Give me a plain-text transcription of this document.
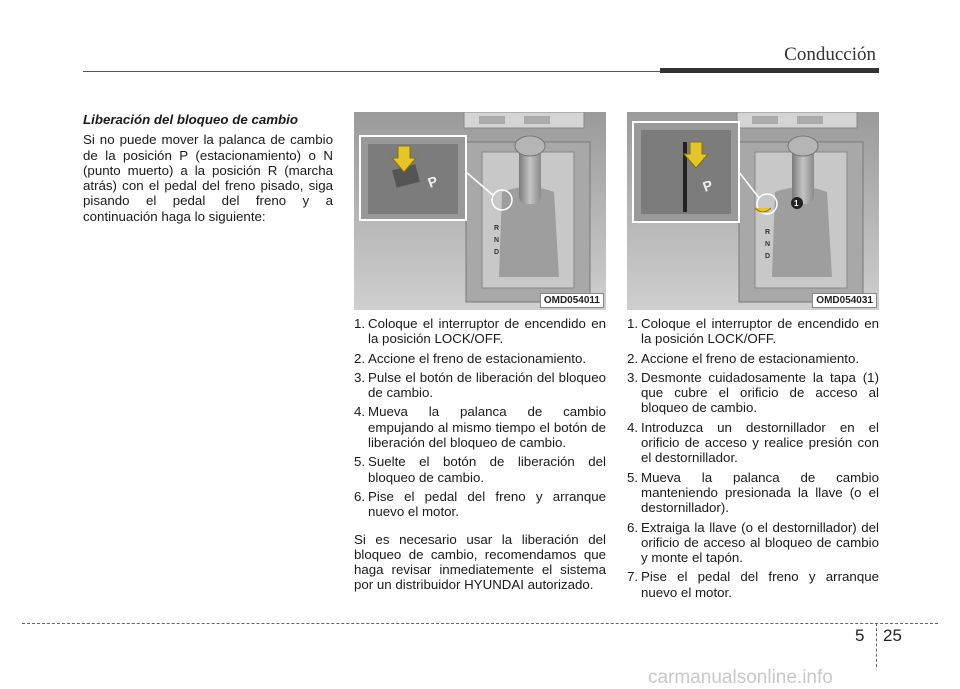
Conducción

Liberación del bloqueo de cambio

Si no puede mover la palanca de cambio de la posición P (estacionamiento) o N (punto muerto) a la posición R (marcha atrás) con el pedal del freno pisado, siga pisando el pedal del freno y a continuación haga lo siguiente:

R
N
D
P
OMD054011
R
N
D
1
P
OMD054031
1. Coloque el interruptor de encendido en la posición LOCK/OFF.
2. Accione el freno de estacionamiento.
3. Pulse el botón de liberación del bloqueo de cambio.
4. Mueva la palanca de cambio empujando al mismo tiempo el botón de liberación del bloqueo de cambio.
5. Suelte el botón de liberación del bloqueo de cambio.
6. Pise el pedal del freno y arranque nuevo el motor.

Si es necesario usar la liberación del bloqueo de cambio, recomendamos que haga revisar inmediatemente el sistema por un distribuidor HYUNDAI autorizado.

1. Coloque el interruptor de encendido en la posición LOCK/OFF.
2. Accione el freno de estacionamiento.
3. Desmonte cuidadosamente la tapa (1) que cubre el orificio de acceso al bloqueo de cambio.
4. Introduzca un destornillador en el orificio de acceso y realice presión con el destornillador.
5. Mueva la palanca de cambio manteniendo presionada la llave (o el destornillador).
6. Extraiga la llave (o el destornillador) del orificio de acceso al bloqueo de cambio y monte el tapón.
7. Pise el pedal del freno y arranque nuevo el motor.
5 25
carmanualsonline.info
